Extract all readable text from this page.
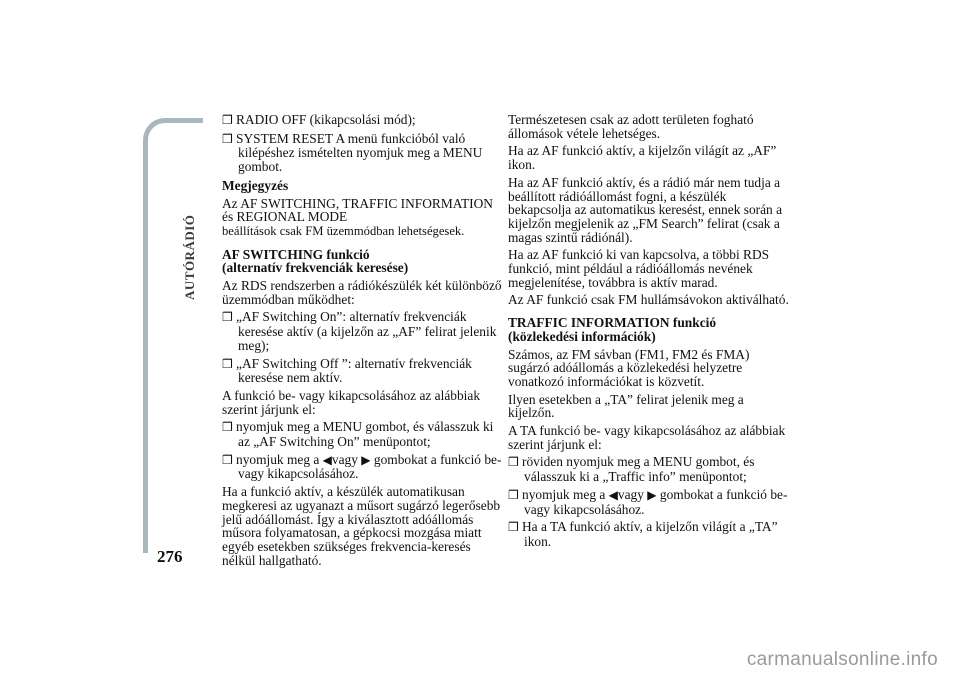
AUTÓRÁDIÓ
276
❒ RADIO OFF (kikapcsolási mód);
❒ SYSTEM RESET A menü funkcióból való kilépéshez ismételten nyomjuk meg a MENU gombot.
Megjegyzés
Az AF SWITCHING, TRAFFIC INFORMATION és REGIONAL MODE
beállítások csak FM üzemmódban lehetségesek.
AF SWITCHING funkció
(alternatív frekvenciák keresése)
Az RDS rendszerben a rádiókészülék két különböző üzemmódban működhet:
❒ „AF Switching On”: alternatív frekvenciák keresése aktív (a kijelzőn az „AF” felirat jelenik meg);
❒ „AF Switching Off ”: alternatív frekvenciák keresése nem aktív.
A funkció be- vagy kikapcsolásához az alábbiak szerint járjunk el:
❒ nyomjuk meg a MENU gombot, és válasszuk ki az „AF Switching On” menüpontot;
❒ nyomjuk meg a ◀vagy ▶ gombokat a funkció be- vagy kikapcsolásához.
Ha a funkció aktív, a készülék automatikusan megkeresi az ugyanazt a műsort sugárzó legerősebb jelű adóállomást. Így a kiválasztott adóállomás műsora folyamatosan, a gépkocsi mozgása miatt egyéb esetekben szükséges frekvencia-keresés nélkül hallgatható.
Természetesen csak az adott területen fogható állomások vétele lehetséges.
Ha az AF funkció aktív, a kijelzőn világít az „AF” ikon.
Ha az AF funkció aktív, és a rádió már nem tudja a beállított rádióállomást fogni, a készülék bekapcsolja az automatikus keresést, ennek során a kijelzőn megjelenik az „FM Search” felirat (csak a magas szintű rádiónál).
Ha az AF funkció ki van kapcsolva, a többi RDS funkció, mint például a rádióállomás nevének megjelenítése, továbbra is aktív marad.
Az AF funkció csak FM hullámsávokon aktiválható.
TRAFFIC INFORMATION funkció
(közlekedési információk)
Számos, az FM sávban (FM1, FM2 és FMA) sugárzó adóállomás a közlekedési helyzetre vonatkozó információkat is közvetít.
Ilyen esetekben a „TA” felirat jelenik meg a kijelzőn.
A TA funkció be- vagy kikapcsolásához az alábbiak szerint járjunk el:
❒ röviden nyomjuk meg a MENU gombot, és válasszuk ki a „Traffic info” menüpontot;
❒ nyomjuk meg a ◀vagy ▶ gombokat a funkció be- vagy kikapcsolásához.
❒ Ha a TA funkció aktív, a kijelzőn világít a „TA” ikon.
carmanualsonline.info
